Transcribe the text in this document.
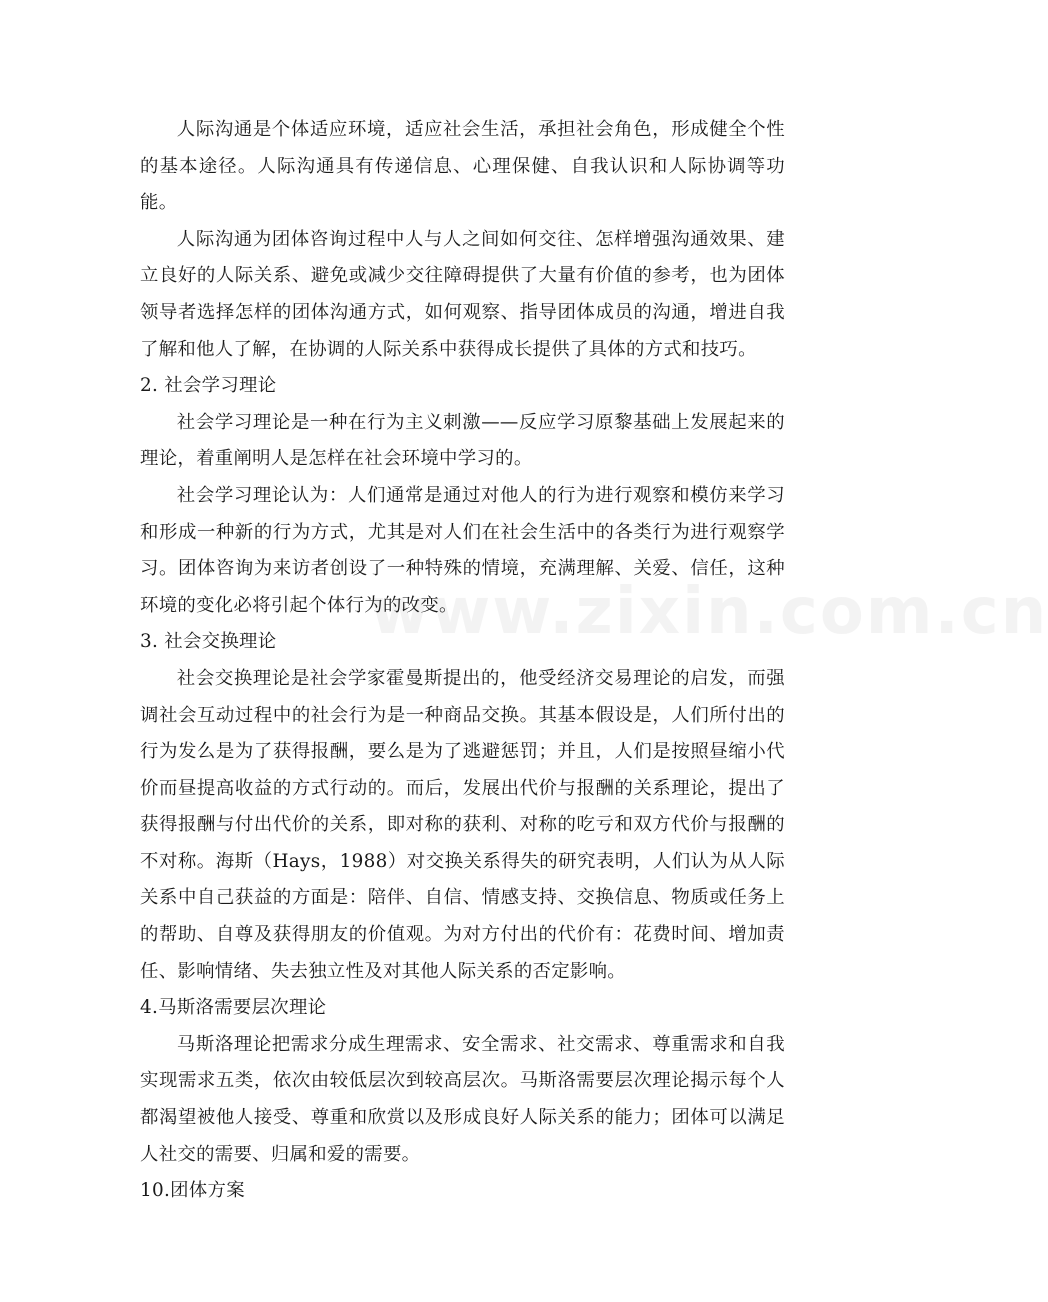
www.zixin.com.cn

人际沟通是个体适应环境，适应社会生活，承担社会角色，形成健全个性的基本途径。人际沟通具有传递信息、心理保健、自我认识和人际协调等功能。

人际沟通为团体咨询过程中人与人之间如何交往、怎样增强沟通效果、建立良好的人际关系、避免或减少交往障碍提供了大量有价值的参考，也为团体领导者选择怎样的团体沟通方式，如何观察、指导团体成员的沟通，增进自我了解和他人了解，在协调的人际关系中获得成长提供了具体的方式和技巧。

2. 社会学习理论

社会学习理论是一种在行为主义刺激——反应学习原黎基础上发展起来的理论，着重阐明人是怎样在社会环境中学习的。

社会学习理论认为：人们通常是通过对他人的行为进行观察和模仿来学习和形成一种新的行为方式，尤其是对人们在社会生活中的各类行为进行观察学习。团体咨询为来访者创设了一种特殊的情境，充满理解、关爱、信任，这种环境的变化必将引起个体行为的改变。

3. 社会交换理论

社会交换理论是社会学家霍曼斯提出的，他受经济交易理论的启发，而强调社会互动过程中的社会行为是一种商品交换。其基本假设是，人们所付出的行为发么是为了获得报酬，要么是为了逃避惩罚；并且，人们是按照昼缩小代价而昼提高收益的方式行动的。而后，发展出代价与报酬的关系理论，提出了获得报酬与付出代价的关系，即对称的获利、对称的吃亏和双方代价与报酬的不对称。海斯（Hays，1988）对交换关系得失的研究表明，人们认为从人际关系中自己获益的方面是：陪伴、自信、情感支持、交换信息、物质或任务上的帮助、自尊及获得朋友的价值观。为对方付出的代价有：花费时间、增加责任、影响情绪、失去独立性及对其他人际关系的否定影响。

4.马斯洛需要层次理论

马斯洛理论把需求分成生理需求、安全需求、社交需求、尊重需求和自我实现需求五类，依次由较低层次到较高层次。马斯洛需要层次理论揭示每个人都渴望被他人接受、尊重和欣赏以及形成良好人际关系的能力；团体可以满足人社交的需要、归属和爱的需要。

10.团体方案
